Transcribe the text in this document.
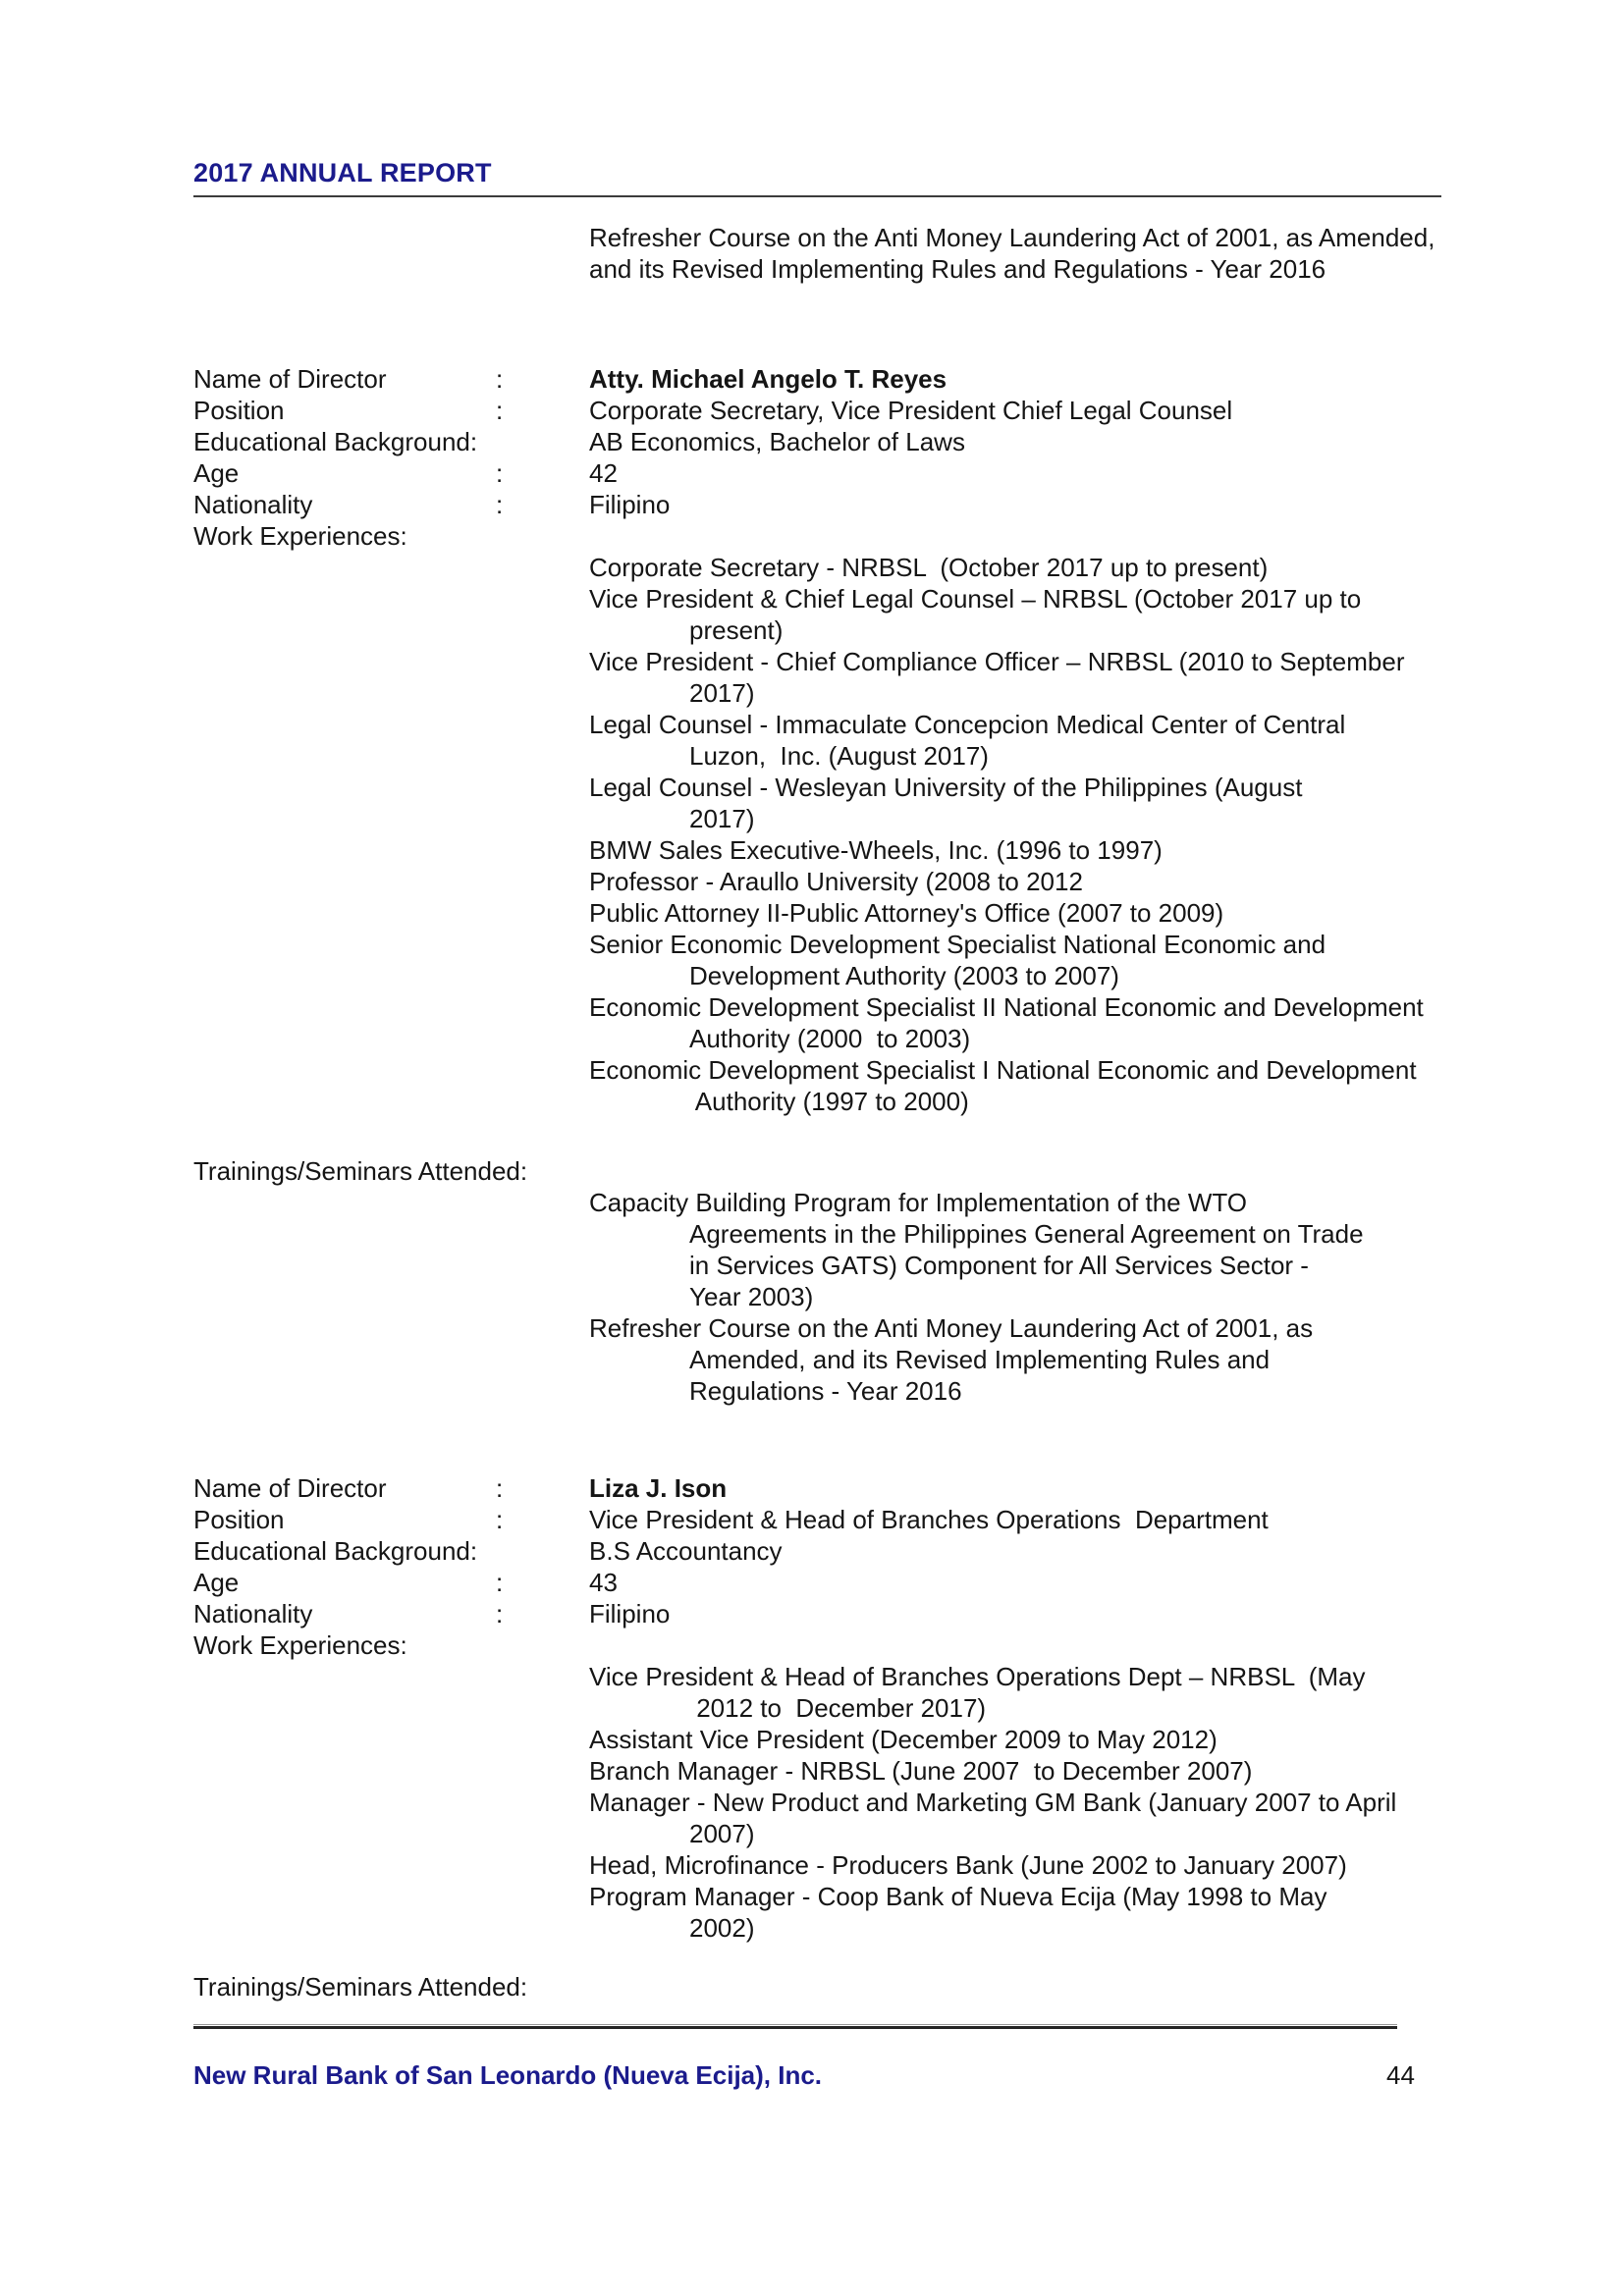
2017 ANNUAL REPORT
Refresher Course on the Anti Money Laundering Act of 2001, as Amended,
and its Revised Implementing Rules and Regulations - Year 2016
Name of Director	:	Atty. Michael Angelo T. Reyes
Position	:	Corporate Secretary, Vice President Chief Legal Counsel
Educational Background:	AB Economics, Bachelor of Laws
Age	:	42
Nationality	:	Filipino
Work Experiences:
Corporate Secretary - NRBSL  (October 2017 up to present)
Vice President & Chief Legal Counsel – NRBSL (October 2017 up to
present)
Vice President - Chief Compliance Officer – NRBSL (2010 to September
2017)
Legal Counsel - Immaculate Concepcion Medical Center of Central
Luzon,  Inc. (August 2017)
Legal Counsel - Wesleyan University of the Philippines (August
2017)
BMW Sales Executive-Wheels, Inc. (1996 to 1997)
Professor - Araullo University (2008 to 2012
Public Attorney II-Public Attorney's Office (2007 to 2009)
Senior Economic Development Specialist National Economic and
Development Authority (2003 to 2007)
Economic Development Specialist II National Economic and Development
Authority (2000  to 2003)
Economic Development Specialist I National Economic and Development
Authority (1997 to 2000)
Trainings/Seminars Attended:
Capacity Building Program for Implementation of the WTO
Agreements in the Philippines General Agreement on Trade
in Services GATS) Component for All Services Sector -
Year 2003)
Refresher Course on the Anti Money Laundering Act of 2001, as
Amended, and its Revised Implementing Rules and
Regulations - Year 2016
Name of Director	:	Liza J. Ison
Position	:	Vice President & Head of Branches Operations  Department
Educational Background:	B.S Accountancy
Age	:	43
Nationality	:	Filipino
Work Experiences:
Vice President & Head of Branches Operations Dept – NRBSL  (May
2012 to  December 2017)
Assistant Vice President (December 2009 to May 2012)
Branch Manager - NRBSL (June 2007  to December 2007)
Manager - New Product and Marketing GM Bank (January 2007 to April
2007)
Head, Microfinance - Producers Bank (June 2002 to January 2007)
Program Manager - Coop Bank of Nueva Ecija (May 1998 to May
2002)
Trainings/Seminars Attended:
New Rural Bank of San Leonardo (Nueva Ecija), Inc.	44
